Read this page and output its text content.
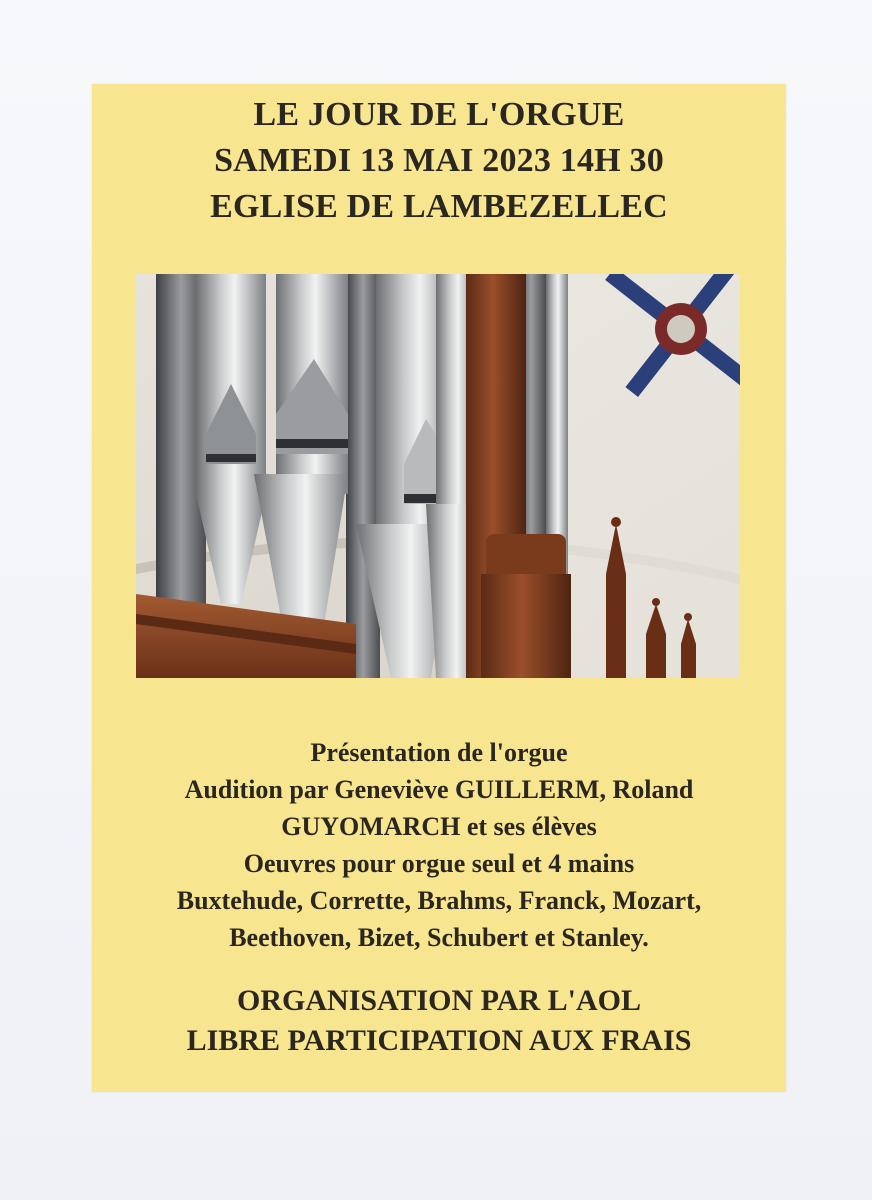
LE JOUR DE L'ORGUE
SAMEDI 13 MAI 2023 14H 30
EGLISE DE LAMBEZELLEC
Présentation de l'orgue
Audition par Geneviève GUILLERM, Roland
GUYOMARCH et ses élèves
Oeuvres pour orgue seul et 4 mains
Buxtehude, Corrette, Brahms, Franck, Mozart,
Beethoven, Bizet, Schubert et Stanley.
ORGANISATION PAR L'AOL
LIBRE PARTICIPATION AUX FRAIS
